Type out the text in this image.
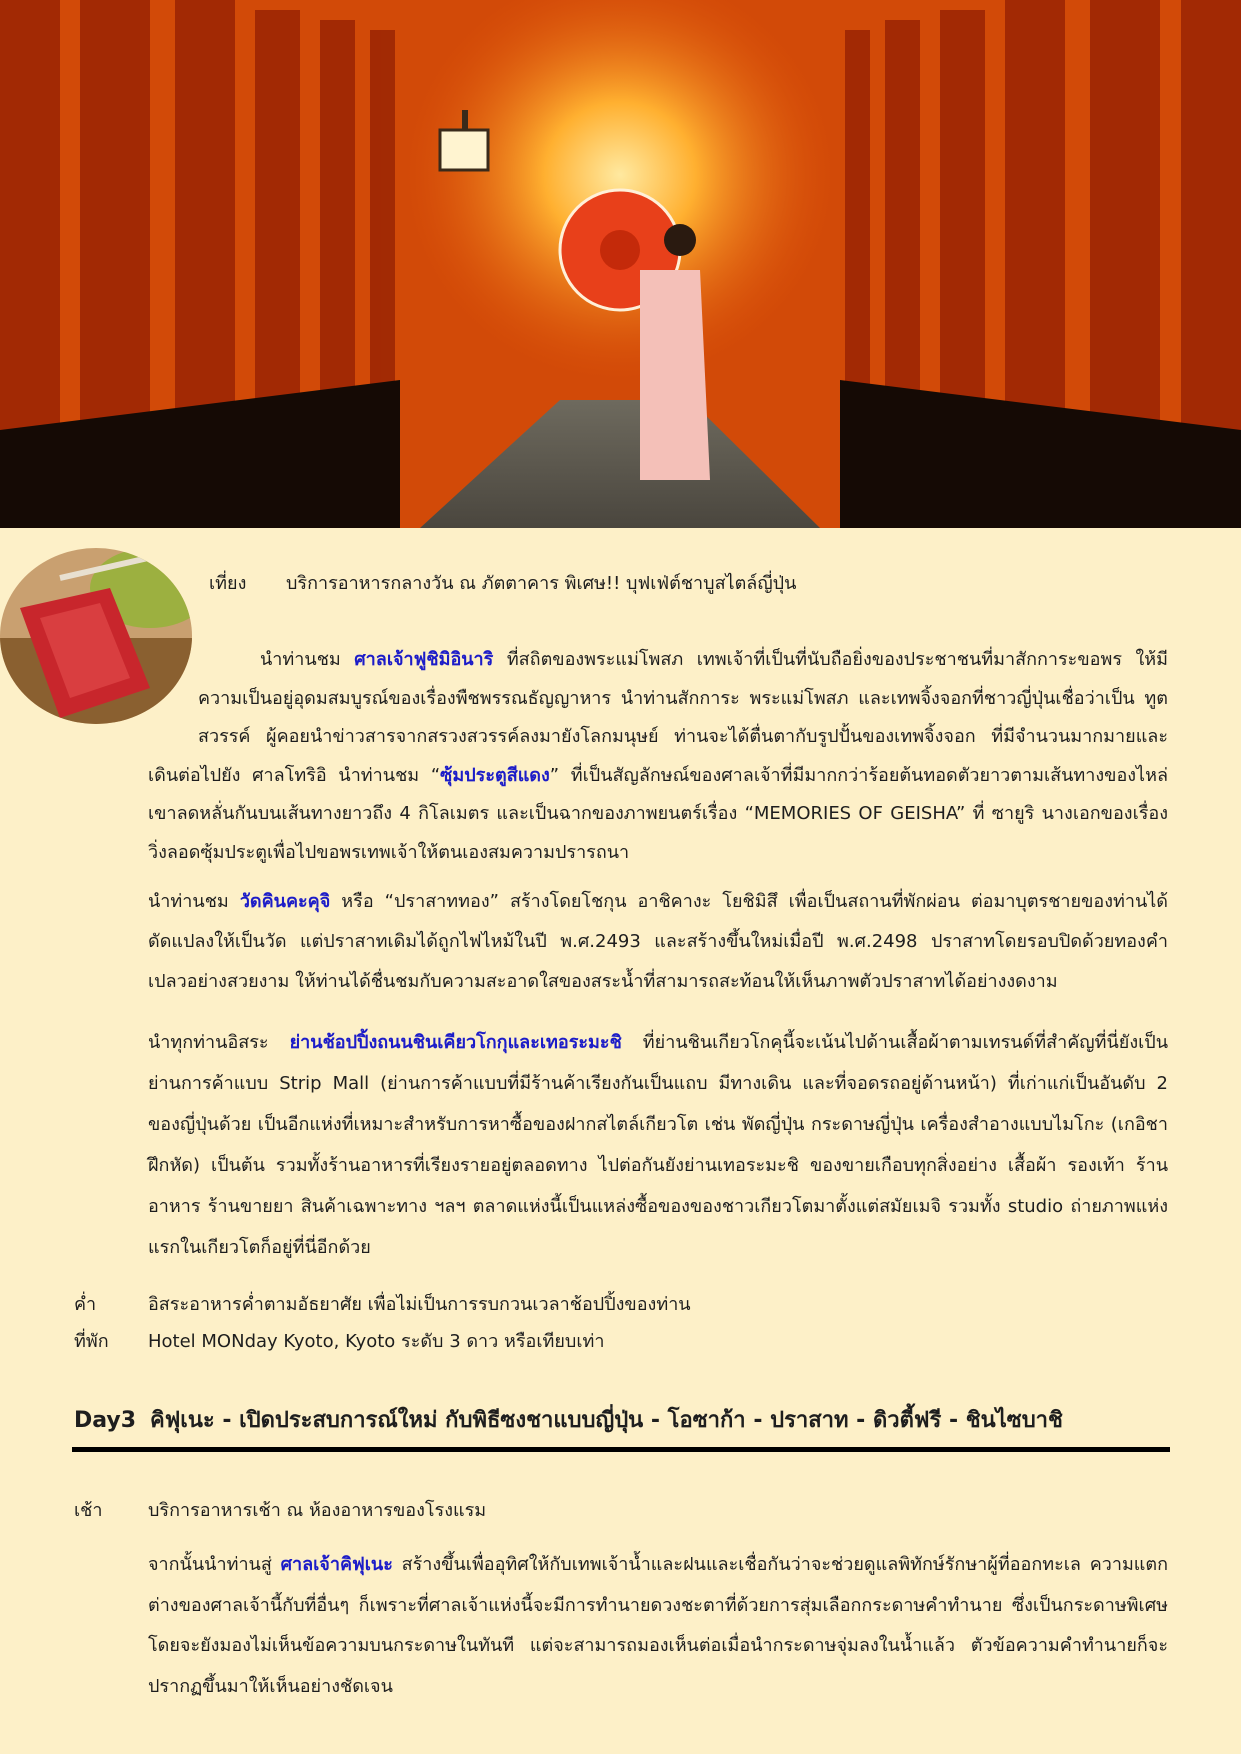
เที่ยง บริการอาหารกลางวัน ณ ภัตตาคาร พิเศษ!! บุฟเฟ่ต์ชาบูสไตล์ญี่ปุ่น
นำท่านชม ศาลเจ้าฟูชิมิอินาริ ที่สถิตของพระแม่โพสภ เทพเจ้าที่เป็นที่นับถือยิ่งของประชาชนที่มาสักการะขอพร ให้มีความเป็นอยู่อุดมสมบูรณ์ของเรื่องพืชพรรณธัญญาหาร นำท่านสักการะ พระแม่โพสภ และเทพจิ้งจอกที่ชาวญี่ปุ่นเชื่อว่าเป็น ทูตสวรรค์ ผู้คอยนำข่าวสารจากสรวงสวรรค์ลงมายังโลกมนุษย์ ท่านจะได้ตื่นตากับรูปปั้นของเทพจิ้งจอก ที่มีจำนวนมากมายและเดินต่อไปยัง ศาลโทริอิ นำท่านชม “ซุ้มประตูสีแดง” ที่เป็นสัญลักษณ์ของศาลเจ้าที่มีมากกว่าร้อยต้นทอดตัวยาวตามเส้นทางของไหล่เขาลดหลั่นกันบนเส้นทางยาวถึง 4 กิโลเมตร และเป็นฉากของภาพยนตร์เรื่อง “MEMORIES OF GEISHA” ที่ ซายูริ นางเอกของเรื่องวิ่งลอดซุ้มประตูเพื่อไปขอพรเทพเจ้าให้ตนเองสมความปรารถนา
นำท่านชม วัดคินคะคุจิ หรือ “ปราสาททอง” สร้างโดยโชกุน อาชิคางะ โยชิมิสึ เพื่อเป็นสถานที่พักผ่อน ต่อมาบุตรชายของท่านได้ดัดแปลงให้เป็นวัด แต่ปราสาทเดิมได้ถูกไฟไหม้ในปี พ.ศ.2493 และสร้างขึ้นใหม่เมื่อปี พ.ศ.2498 ปราสาทโดยรอบปิดด้วยทองคำเปลวอย่างสวยงาม ให้ท่านได้ชื่นชมกับความสะอาดใสของสระน้ำที่สามารถสะท้อนให้เห็นภาพตัวปราสาทได้อย่างงดงาม
นำทุกท่านอิสระ ย่านช้อปปิ้งถนนชินเคียวโกกุและเทอระมะชิ ที่ย่านชินเกียวโกคุนี้จะเน้นไปด้านเสื้อผ้าตามเทรนด์ที่สำคัญที่นี่ยังเป็นย่านการค้าแบบ Strip Mall (ย่านการค้าแบบที่มีร้านค้าเรียงกันเป็นแถบ มีทางเดิน และที่จอดรถอยู่ด้านหน้า) ที่เก่าแก่เป็นอันดับ 2 ของญี่ปุ่นด้วย เป็นอีกแห่งที่เหมาะสำหรับการหาซื้อของฝากสไตล์เกียวโต เช่น พัดญี่ปุ่น กระดาษญี่ปุ่น เครื่องสำอางแบบไมโกะ (เกอิชาฝึกหัด) เป็นต้น รวมทั้งร้านอาหารที่เรียงรายอยู่ตลอดทาง ไปต่อกันยังย่านเทอระมะชิ ของขายเกือบทุกสิ่งอย่าง เสื้อผ้า รองเท้า ร้านอาหาร ร้านขายยา สินค้าเฉพาะทาง ฯลฯ ตลาดแห่งนี้เป็นแหล่งซื้อของของชาวเกียวโตมาตั้งแต่สมัยเมจิ รวมทั้ง studio ถ่ายภาพแห่งแรกในเกียวโตก็อยู่ที่นี่อีกด้วย
ค่ำ	อิสระอาหารค่ำตามอัธยาศัย เพื่อไม่เป็นการรบกวนเวลาช้อปปิ้งของท่าน
ที่พัก Hotel MONday Kyoto, Kyoto ระดับ 3 ดาว หรือเทียบเท่า
Day3 คิฟุเนะ - เปิดประสบการณ์ใหม่ กับพิธีซงชาแบบญี่ปุ่น - โอซาก้า - ปราสาท - ดิวตี้ฟรี - ชินไซบาชิ
เช้า	บริการอาหารเช้า ณ ห้องอาหารของโรงแรม
จากนั้นนำท่านสู่ ศาลเจ้าคิฟุเนะ สร้างขึ้นเพื่ออุทิศให้กับเทพเจ้าน้ำและฝนและเชื่อกันว่าจะช่วยดูแลพิทักษ์รักษาผู้ที่ออกทะเล ความแตกต่างของศาลเจ้านี้กับที่อื่นๆ ก็เพราะที่ศาลเจ้าแห่งนี้จะมีการทำนายดวงชะตาที่ด้วยการสุ่มเลือกกระดาษคำทำนาย ซึ่งเป็นกระดาษพิเศษ โดยจะยังมองไม่เห็นข้อความบนกระดาษในทันที แต่จะสามารถมองเห็นต่อเมื่อนำกระดาษจุ่มลงในน้ำแล้ว ตัวข้อความคำทำนายก็จะปรากฏขึ้นมาให้เห็นอย่างชัดเจน
